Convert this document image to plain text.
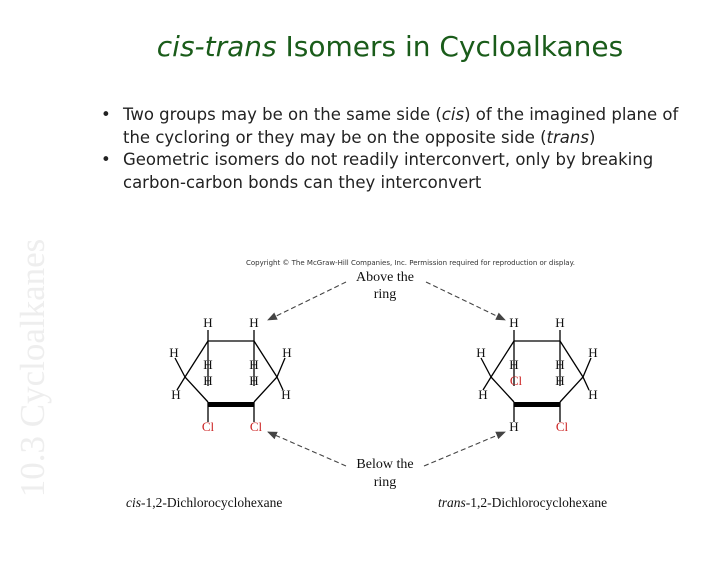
10.3 Cycloalkanes
cis-trans Isomers in Cycloalkanes
• Two groups may be on the same side (cis) of the imagined plane of the cycloring or they may be on the opposite side (trans)
• Geometric isomers do not readily interconvert, only by breaking carbon-carbon bonds can they interconvert
Copyright © The McGraw-Hill Companies, Inc. Permission required for reproduction or display.
H	H
H	H
H	H
H	H
H	H
Cl	Cl
cis-1,2-Dichlorocyclohexane
H	H
H	H
H	H
H
H	H
H
Cl
Cl
trans-1,2-Dichlorocyclohexane
Above the
ring
Below the
ring
